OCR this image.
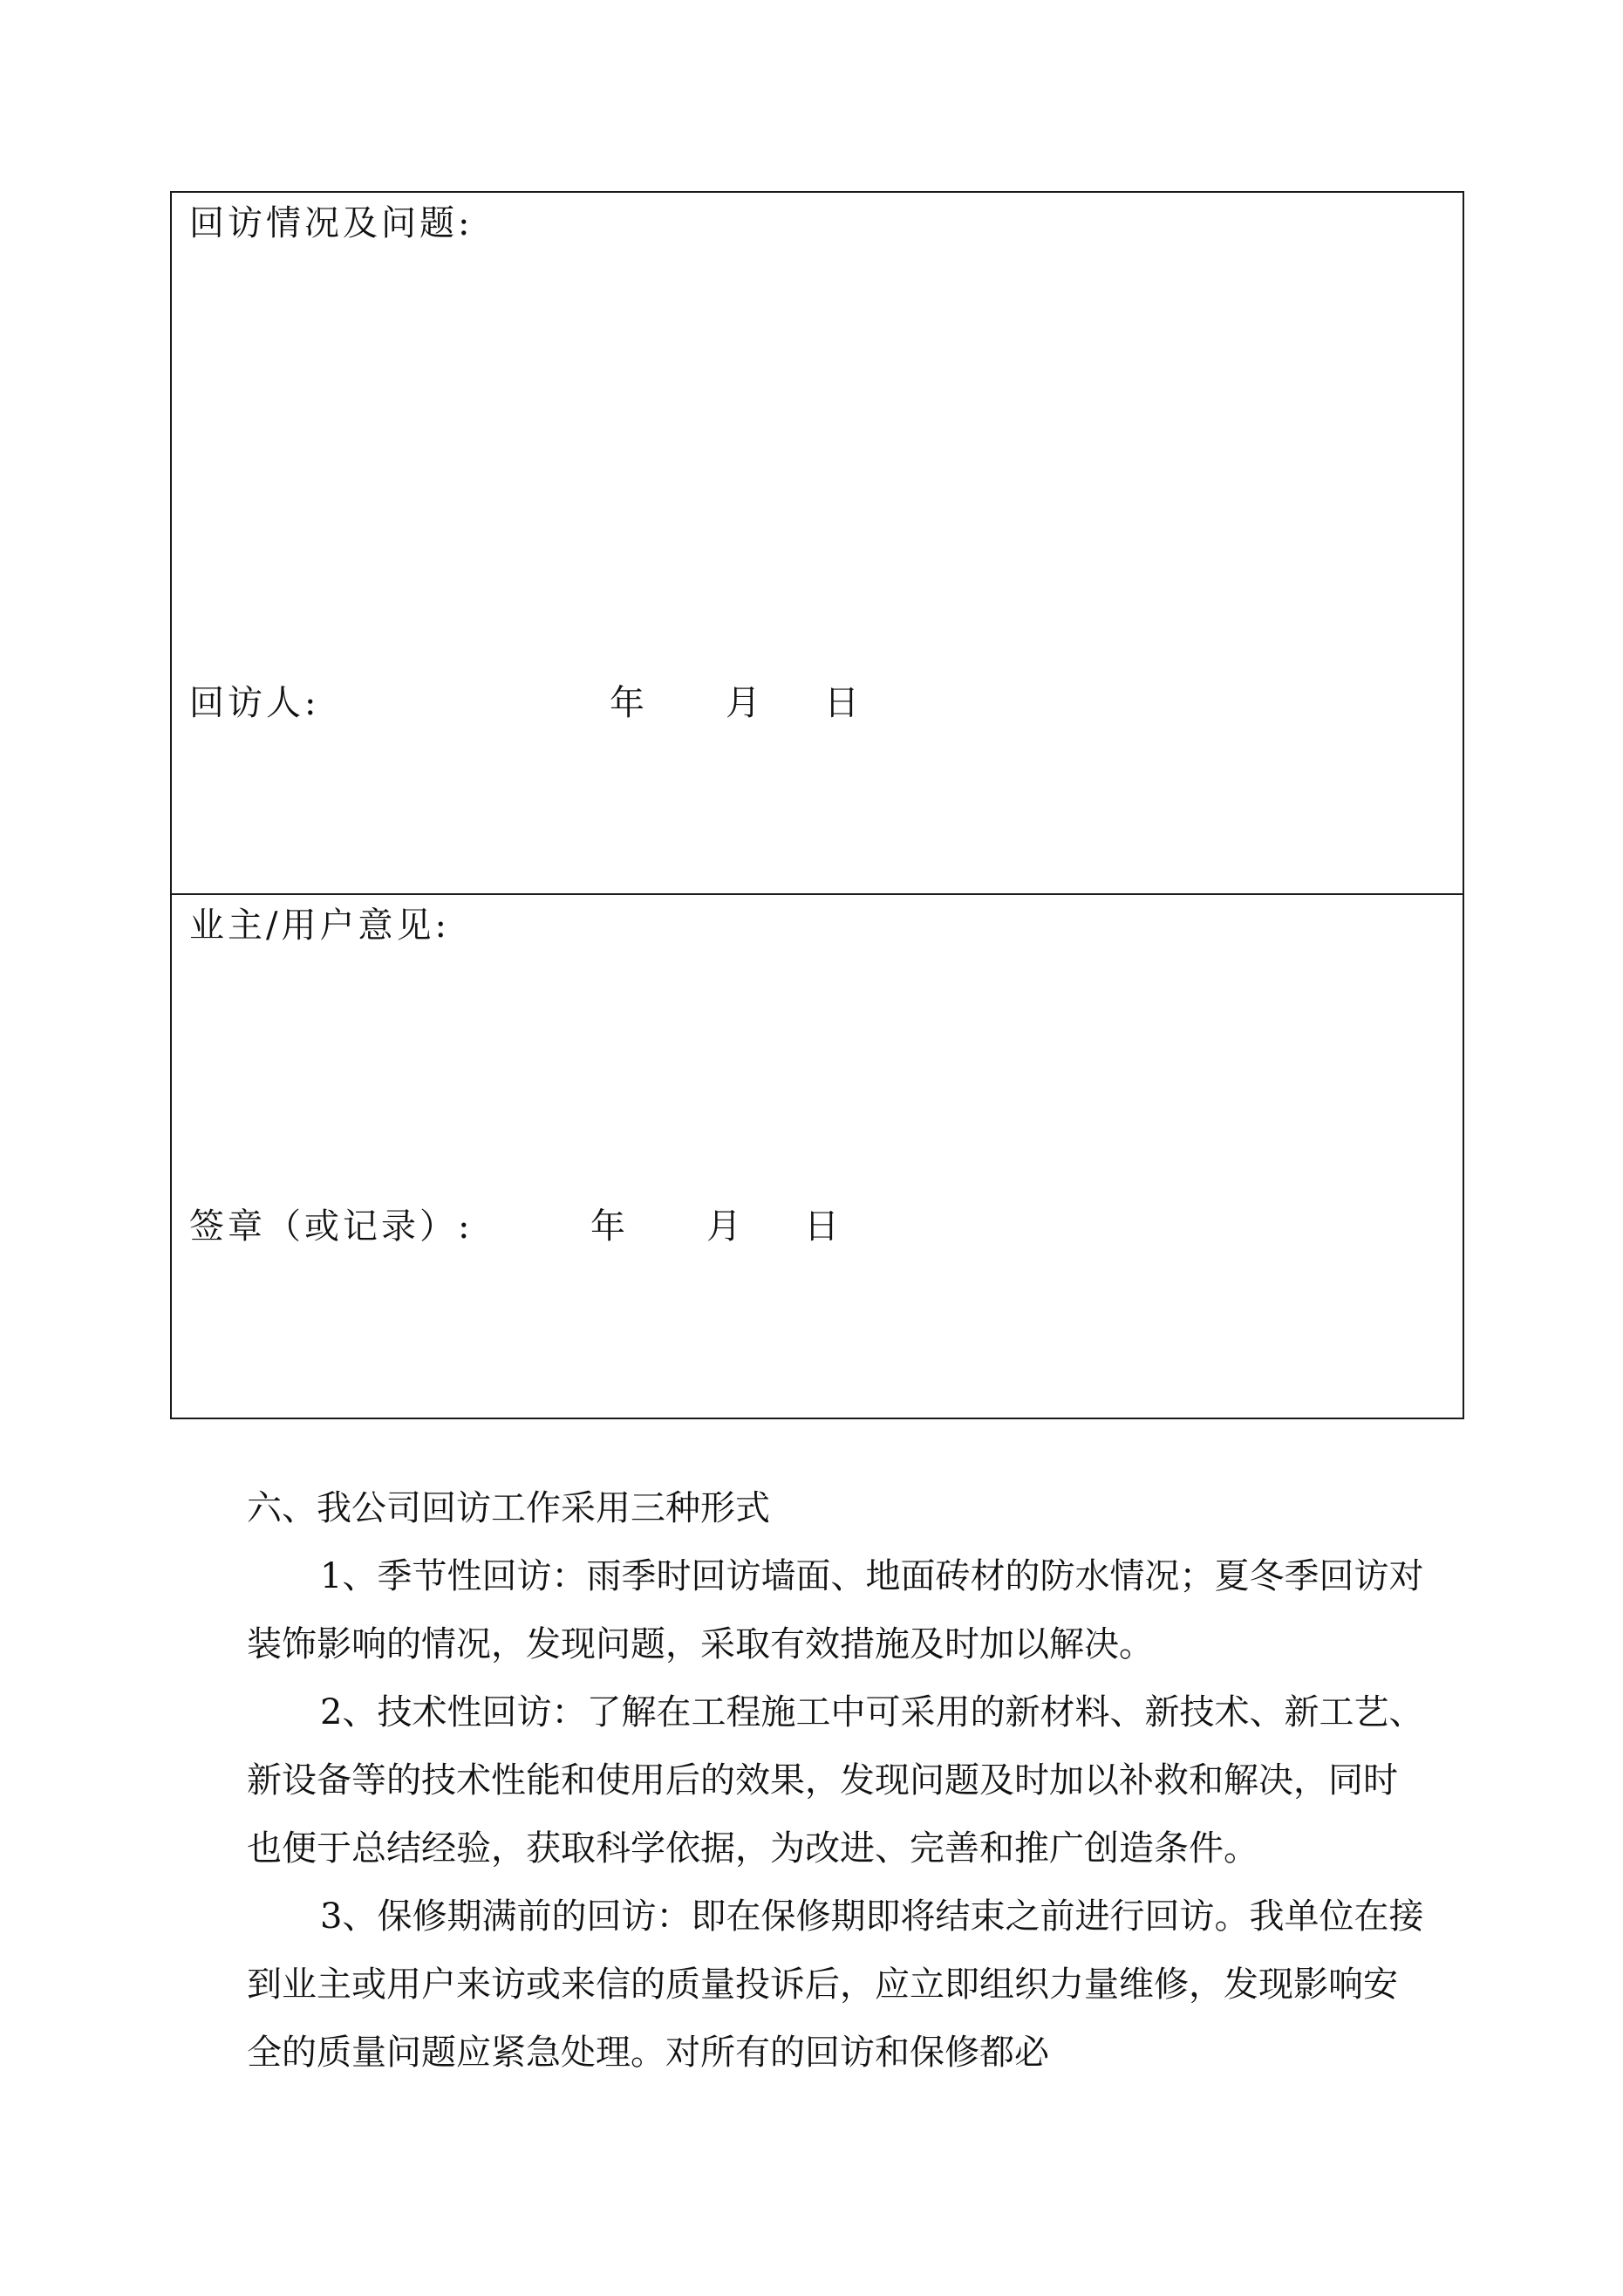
回访情况及问题:
回访人:	年 月 日
业主/用户意见:
签章（或记录）:	年 月 日

六、我公司回访工作采用三种形式

1、季节性回访：雨季时回访墙面、地面砖材的防水情况；夏冬季回访对

装饰影响的情况，发现问题，采取有效措施及时加以解决。

2、技术性回访：了解在工程施工中可采用的新材料、新技术、新工艺、

新设备等的技术性能和使用后的效果，发现问题及时加以补救和解决，同时

也便于总结经验，获取科学依据，为改进、完善和推广创造条件。

3、保修期满前的回访：即在保修期即将结束之前进行回访。我单位在接

到业主或用户来访或来信的质量投诉后，应立即组织力量维修，发现影响安

全的质量问题应紧急处理。对所有的回访和保修都必
